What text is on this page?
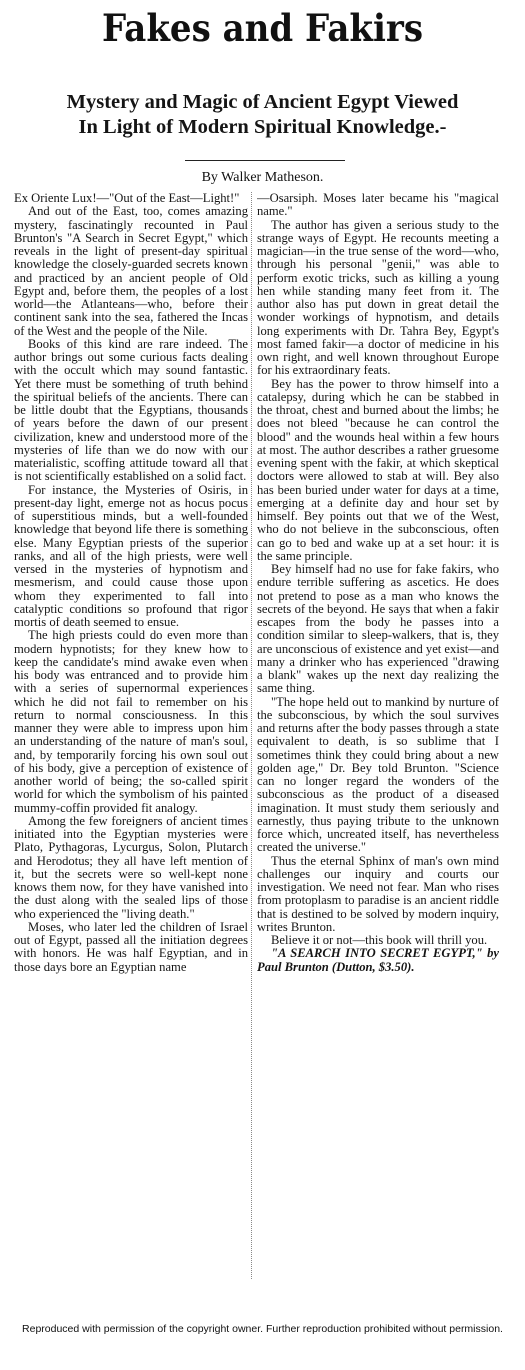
Fakes and Fakirs
Mystery and Magic of Ancient Egypt Viewed
In Light of Modern Spiritual Knowledge.-
By Walker Matheson.

Ex Oriente Lux!—"Out of the East—Light!"

And out of the East, too, comes amazing mystery, fascinatingly recounted in Paul Brunton's "A Search in Secret Egypt," which reveals in the light of present-day spiritual knowledge the closely-guarded secrets known and practiced by an ancient people of Old Egypt and, before them, the peoples of a lost world—the Atlanteans—who, before their continent sank into the sea, fathered the Incas of the West and the people of the Nile.

Books of this kind are rare indeed. The author brings out some curious facts dealing with the occult which may sound fantastic. Yet there must be something of truth behind the spiritual beliefs of the ancients. There can be little doubt that the Egyptians, thousands of years before the dawn of our present civilization, knew and understood more of the mysteries of life than we do now with our materialistic, scoffing attitude toward all that is not scientifically established on a solid fact.

For instance, the Mysteries of Osiris, in present-day light, emerge not as hocus pocus of superstitious minds, but a well-founded knowledge that beyond life there is something else. Many Egyptian priests of the superior ranks, and all of the high priests, were well versed in the mysteries of hypnotism and mesmerism, and could cause those upon whom they experimented to fall into catalyptic conditions so profound that rigor mortis of death seemed to ensue.

The high priests could do even more than modern hypnotists; for they knew how to keep the candidate's mind awake even when his body was entranced and to provide him with a series of supernormal experiences which he did not fail to remember on his return to normal consciousness. In this manner they were able to impress upon him an understanding of the nature of man's soul, and, by temporarily forcing his own soul out of his body, give a perception of existence of another world of being; the so-called spirit world for which the symbolism of his painted mummy-coffin provided fit analogy.

Among the few foreigners of ancient times initiated into the Egyptian mysteries were Plato, Pythagoras, Lycurgus, Solon, Plutarch and Herodotus; they all have left mention of it, but the secrets were so well-kept none knows them now, for they have vanished into the dust along with the sealed lips of those who experienced the "living death."

Moses, who later led the children of Israel out of Egypt, passed all the initiation degrees with honors. He was half Egyptian, and in those days bore an Egyptian name

—Osarsiph. Moses later became his "magical name."

The author has given a serious study to the strange ways of Egypt. He recounts meeting a magician—in the true sense of the word—who, through his personal "genii," was able to perform exotic tricks, such as killing a young hen while standing many feet from it. The author also has put down in great detail the wonder workings of hypnotism, and details long experiments with Dr. Tahra Bey, Egypt's most famed fakir—a doctor of medicine in his own right, and well known throughout Europe for his extraordinary feats.

Bey has the power to throw himself into a catalepsy, during which he can be stabbed in the throat, chest and burned about the limbs; he does not bleed "because he can control the blood" and the wounds heal within a few hours at most. The author describes a rather gruesome evening spent with the fakir, at which skeptical doctors were allowed to stab at will. Bey also has been buried under water for days at a time, emerging at a definite day and hour set by himself. Bey points out that we of the West, who do not believe in the subconscious, often can go to bed and wake up at a set hour: it is the same principle.

Bey himself had no use for fake fakirs, who endure terrible suffering as ascetics. He does not pretend to pose as a man who knows the secrets of the beyond. He says that when a fakir escapes from the body he passes into a condition similar to sleep-walkers, that is, they are unconscious of existence and yet exist—and many a drinker who has experienced "drawing a blank" wakes up the next day realizing the same thing.

"The hope held out to mankind by nurture of the subconscious, by which the soul survives and returns after the body passes through a state equivalent to death, is so sublime that I sometimes think they could bring about a new golden age," Dr. Bey told Brunton. "Science can no longer regard the wonders of the subconscious as the product of a diseased imagination. It must study them seriously and earnestly, thus paying tribute to the unknown force which, uncreated itself, has nevertheless created the universe."

Thus the eternal Sphinx of man's own mind challenges our inquiry and courts our investigation. We need not fear. Man who rises from protoplasm to paradise is an ancient riddle that is destined to be solved by modern inquiry, writes Brunton.

Believe it or not—this book will thrill you.

"A SEARCH INTO SECRET EGYPT," by Paul Brunton (Dutton, $3.50).

Reproduced with permission of the copyright owner. Further reproduction prohibited without permission.
